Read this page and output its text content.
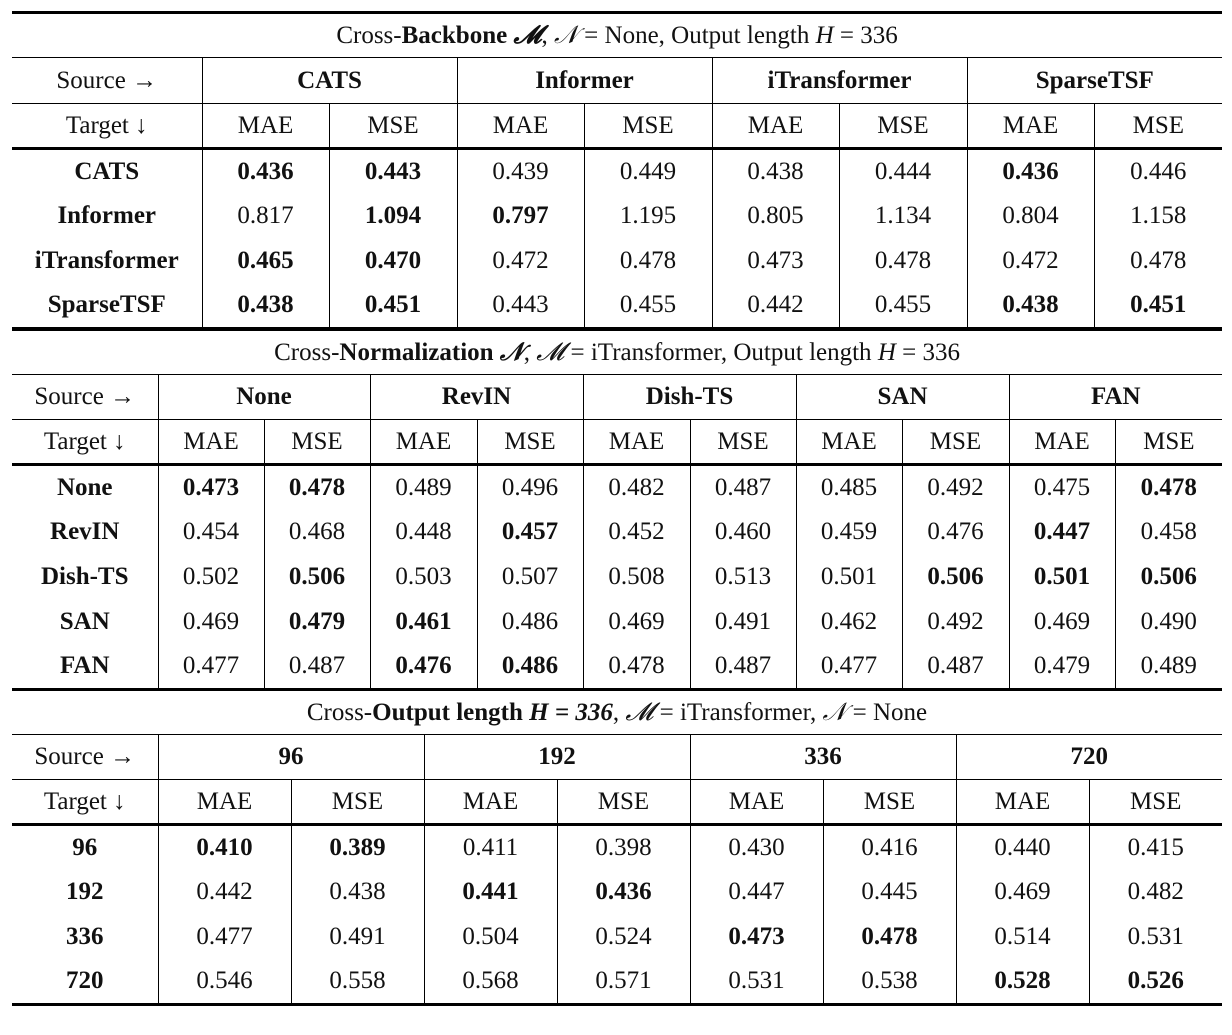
Cross-Backbone 𝓜, 𝒩 = None, Output length H = 336								
Source →	CATS		Informer		iTransformer		SparseTSF	
Target ↓	MAE	MSE	MAE	MSE	MAE	MSE	MAE	MSE
CATS	0.436	0.443	0.439	0.449	0.438	0.444	0.436	0.446
Informer	0.817	1.094	0.797	1.195	0.805	1.134	0.804	1.158
iTransformer	0.465	0.470	0.472	0.478	0.473	0.478	0.472	0.478
SparseTSF	0.438	0.451	0.443	0.455	0.442	0.455	0.438	0.451
Cross-Normalization 𝒩, 𝓜 = iTransformer, Output length H = 336										
Source →	None		RevIN		Dish-TS		SAN		FAN	
Target ↓	MAE	MSE	MAE	MSE	MAE	MSE	MAE	MSE	MAE	MSE
None	0.473	0.478	0.489	0.496	0.482	0.487	0.485	0.492	0.475	0.478
RevIN	0.454	0.468	0.448	0.457	0.452	0.460	0.459	0.476	0.447	0.458
Dish-TS	0.502	0.506	0.503	0.507	0.508	0.513	0.501	0.506	0.501	0.506
SAN	0.469	0.479	0.461	0.486	0.469	0.491	0.462	0.492	0.469	0.490
FAN	0.477	0.487	0.476	0.486	0.478	0.487	0.477	0.487	0.479	0.489
Cross-Output length H = 336, 𝓜 = iTransformer, 𝒩 = None								
Source →	96		192		336		720	
Target ↓	MAE	MSE	MAE	MSE	MAE	MSE	MAE	MSE
96	0.410	0.389	0.411	0.398	0.430	0.416	0.440	0.415
192	0.442	0.438	0.441	0.436	0.447	0.445	0.469	0.482
336	0.477	0.491	0.504	0.524	0.473	0.478	0.514	0.531
720	0.546	0.558	0.568	0.571	0.531	0.538	0.528	0.526
